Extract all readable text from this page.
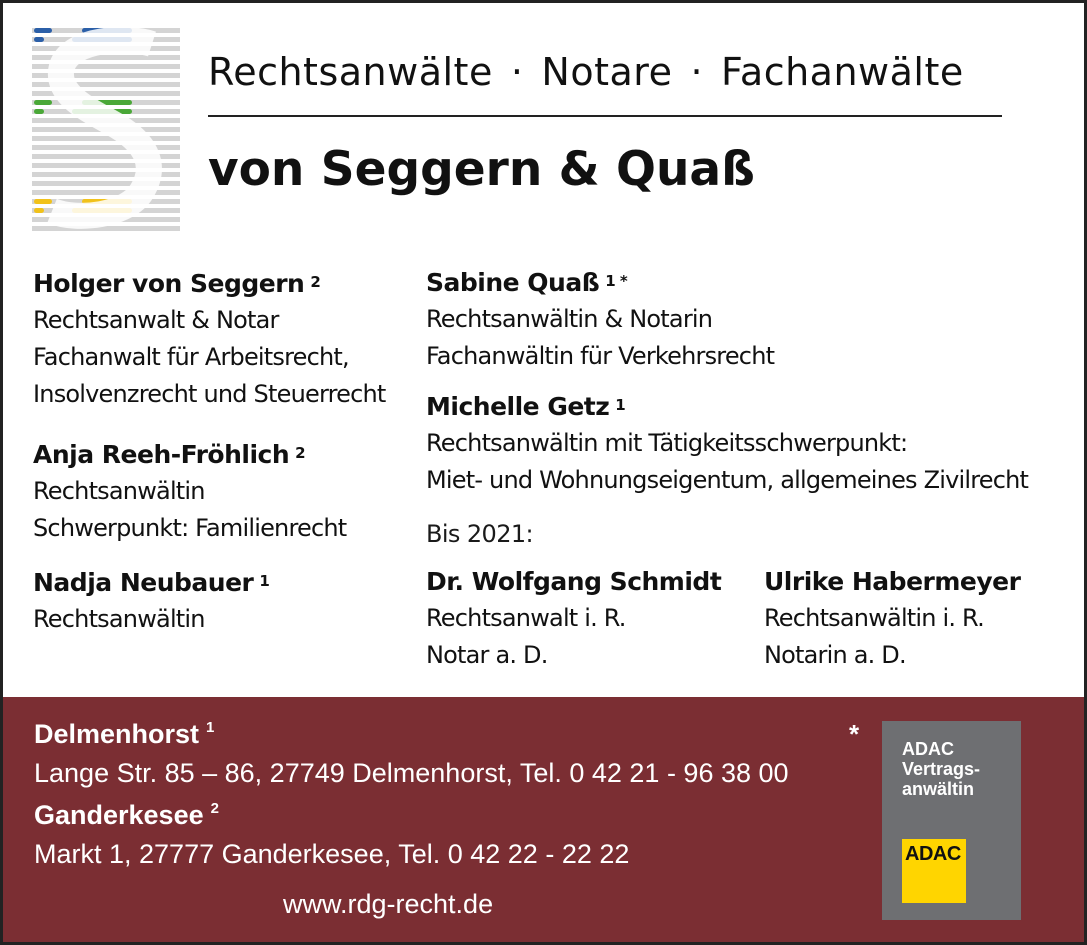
Rechtsanwälte · Notare · Fachanwälte
von Seggern & Quaß
Holger von Seggern $^2$
Rechtsanwalt & Notar
Fachanwalt für Arbeitsrecht,
Insolvenzrecht und Steuerrecht
Anja Reeh-Fröhlich $^2$
Rechtsanwältin
Schwerpunkt: Familienrecht
Nadja Neubauer $^1$
Rechtsanwältin
Sabine Quaß $^{1 *}$
Rechtsanwältin & Notarin
Fachanwältin für Verkehrsrecht
Michelle Getz $^1$
Rechtsanwältin mit Tätigkeitsschwerpunkt:
Miet- und Wohnungseigentum, allgemeines Zivilrecht
Bis 2021:
Dr. Wolfgang Schmidt
Rechtsanwalt i. R.
Notar a. D.
Ulrike Habermeyer
Rechtsanwältin i. R.
Notarin a. D.
Delmenhorst $^1$
Lange Str. 85 – 86, 27749 Delmenhorst, Tel. 0 42 21 - 96 38 00
Ganderkesee $^2$
Markt 1, 27777 Ganderkesee, Tel. 0 42 22 - 22 22
www.rdg-recht.de
* ADAC
Vertrags-
anwältin
ADAC
